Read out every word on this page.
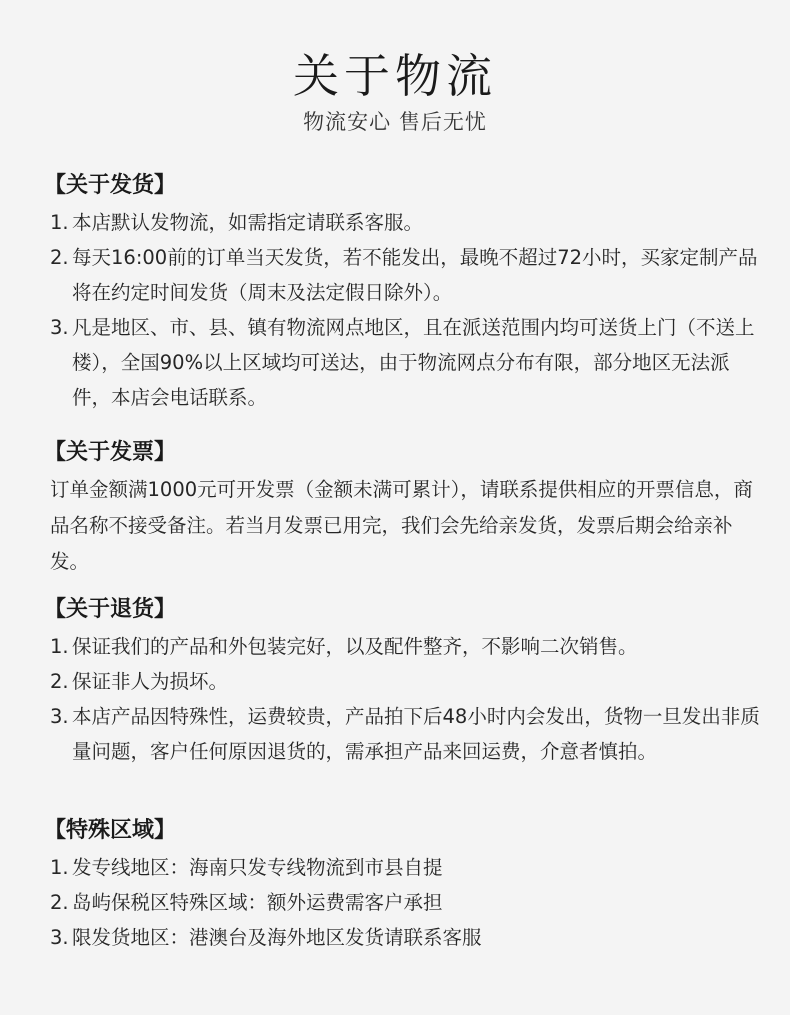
关于物流
物流安心 售后无忧
【关于发货】
1. 本店默认发物流，如需指定请联系客服。
2. 每天16:00前的订单当天发货，若不能发出，最晚不超过72小时，买家定制产品将在约定时间发货（周末及法定假日除外）。
3. 凡是地区、市、县、镇有物流网点地区，且在派送范围内均可送货上门（不送上楼），全国90%以上区域均可送达，由于物流网点分布有限，部分地区无法派件，本店会电话联系。
【关于发票】
订单金额满1000元可开发票（金额未满可累计），请联系提供相应的开票信息，商品名称不接受备注。若当月发票已用完，我们会先给亲发货，发票后期会给亲补发。
【关于退货】
1. 保证我们的产品和外包装完好，以及配件整齐，不影响二次销售。
2. 保证非人为损坏。
3. 本店产品因特殊性，运费较贵，产品拍下后48小时内会发出，货物一旦发出非质量问题，客户任何原因退货的，需承担产品来回运费，介意者慎拍。
【特殊区域】
1. 发专线地区：海南只发专线物流到市县自提
2. 岛屿保税区特殊区域：额外运费需客户承担
3. 限发货地区：港澳台及海外地区发货请联系客服
